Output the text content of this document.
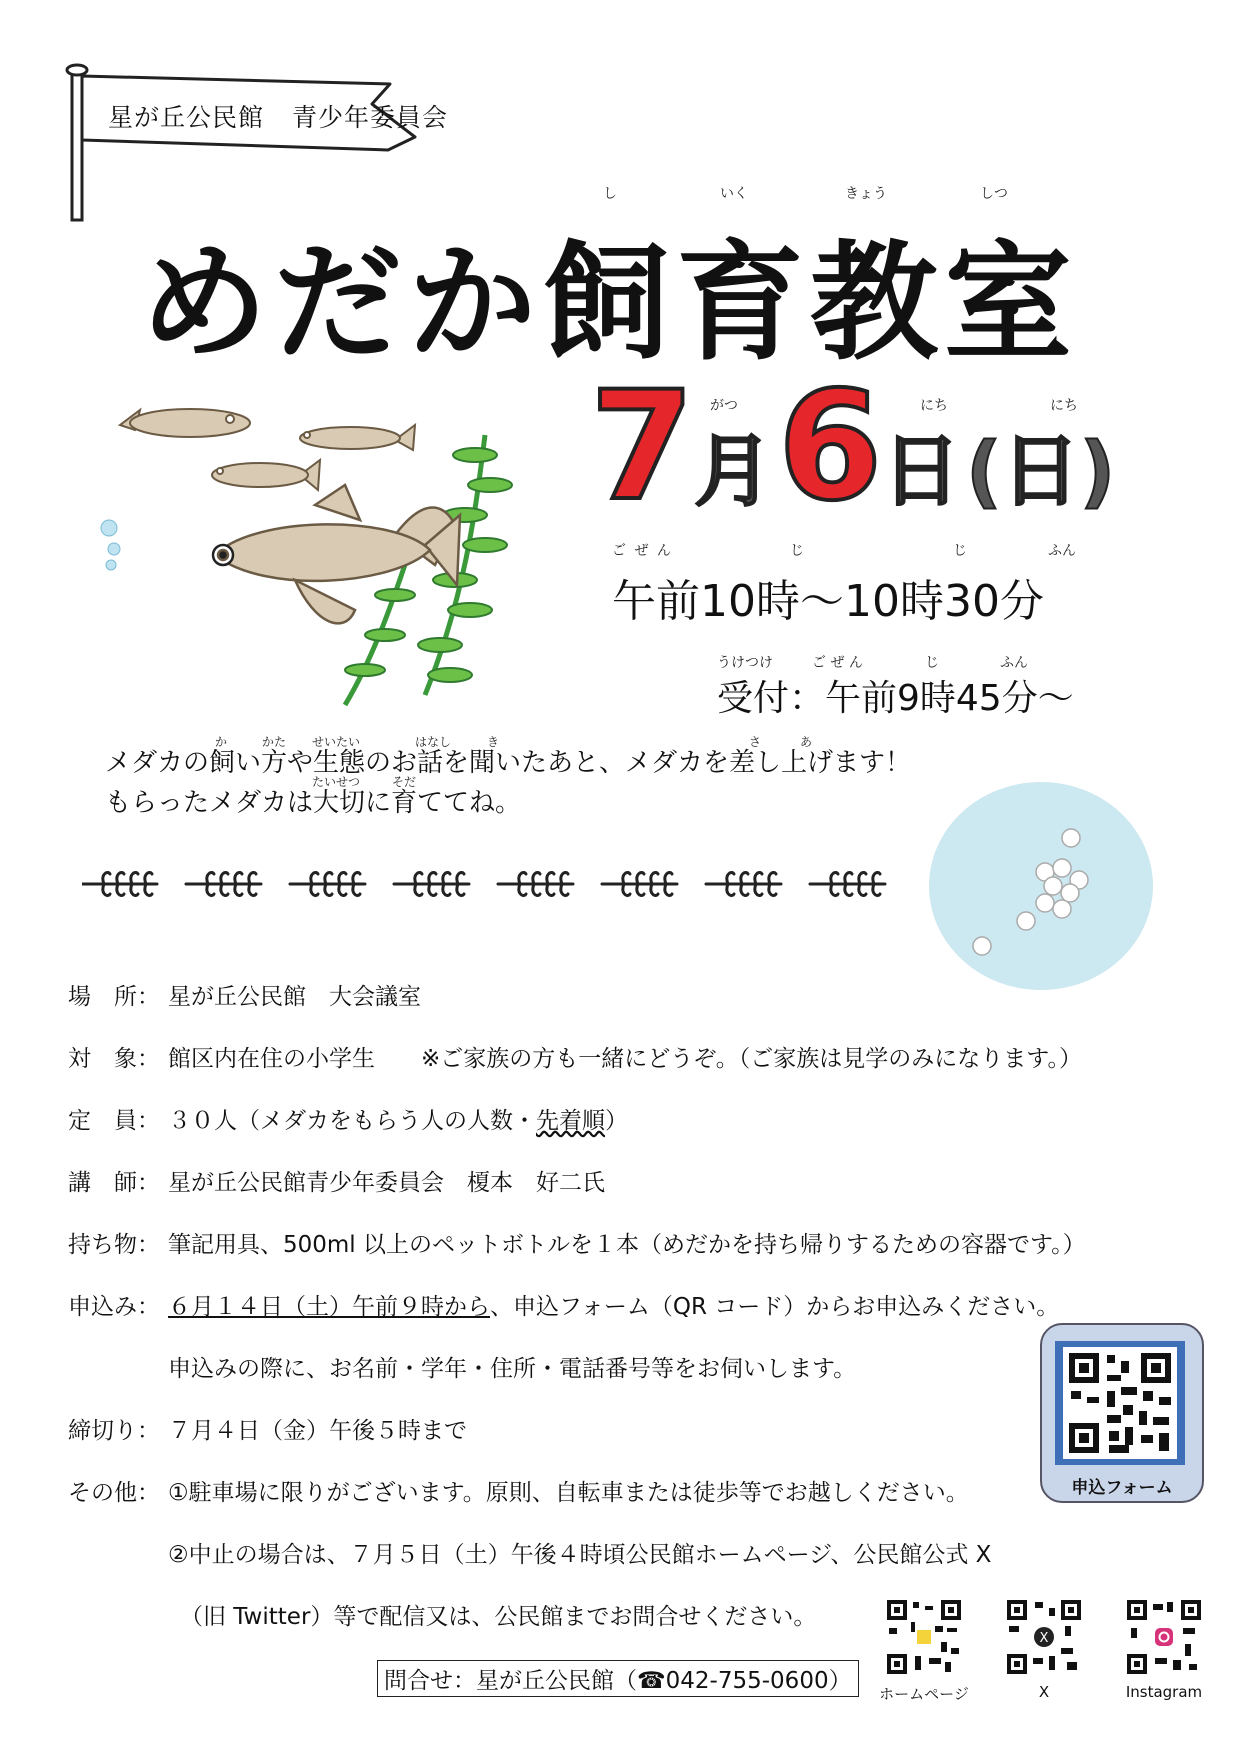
星が丘公民館 青少年委員会
し	いく	きょう	しつ
めだか飼育教室
がつ	にち	にち
7月 6日 (日)
ご ぜ ん	じ	じ	ふん
午前10時～10時30分
うけつけ	ご ぜ ん	じ	ふん
受付：午前9時45分～
か	かた せいたい	はなし	き	さ	あ
たいせつ	そだ
メダカの飼い方や生態のお話を聞いたあと、メダカを差し上げます！
もらったメダカは大切に育ててね。
場　所： 星が丘公民館　大会議室
対　象： 館区内在住の小学生　　※ご家族の方も一緒にどうぞ。（ご家族は見学のみになります。）
定　員： ３０人（メダカをもらう人の人数・先着順）
講　師： 星が丘公民館青少年委員会　榎本　好二氏
持ち物： 筆記用具、500ml 以上のペットボトルを１本（めだかを持ち帰りするための容器です。）
申込み： ６月１４日（土）午前９時から、申込フォーム（QR コード）からお申込みください。
申込みの際に、お名前・学年・住所・電話番号等をお伺いします。
締切り： ７月４日（金）午後５時まで
その他： ①駐車場に限りがございます。原則、自転車または徒歩等でお越しください。
②中止の場合は、７月５日（土）午後４時頃公民館ホームページ、公民館公式 X
（旧 Twitter）等で配信又は、公民館までお問合せください。
問合せ：星が丘公民館（☎042-755-0600）
申込フォーム
X
ホームページ	X	Instagram
